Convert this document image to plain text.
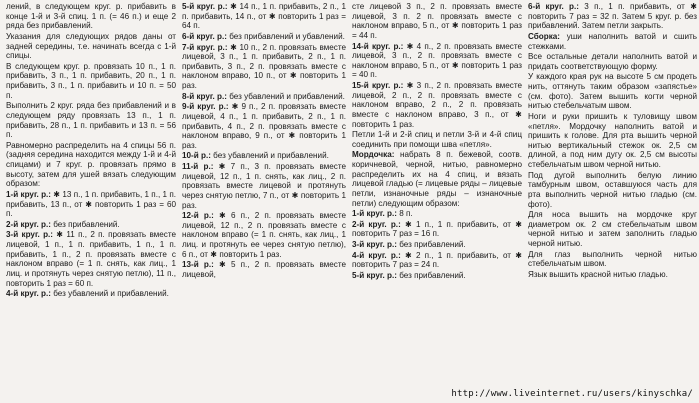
лений, в следующем круг. р. прибавить в конце 1-й и 3-й спиц. 1 п. (= 46 п.) и еще 2 ряда без прибавлений.

Указания для следующих рядов даны от задней середины, т.е. начинать всегда с 1-й спицы.

В следующем круг. р. провязать 10 п., 1 п. прибавить, 3 п., 1 п. прибавить, 20 п., 1 п. прибавить, 3 п., 1 п. прибавить и 10 п. = 50 п.

Выполнить 2 круг. ряда без прибавлений и в следующем ряду провязать 13 п., 1 п. прибавить, 28 п., 1 п. прибавить и 13 п. = 56 п.

Равномерно распределить на 4 спицы 56 п. (задняя середина находится между 1-й и 4-й спицами) и 7 круг. р. провязать прямо в высоту, затем для ушей вязать следующим образом:

1-й круг. р.: ✱ 13 п., 1 п. прибавить, 1 п., 1 п. прибавить, 13 п., от ✱ повторить 1 раз = 60 п.

2-й круг. р.: без прибавлений.

3-й круг. р.: ✱ 11 п., 2 п. провязать вместе лицевой, 1 п., 1 п. прибавить, 1 п., 1 п. прибавить, 1 п., 2 п. провязать вместе с наклоном вправо (= 1 п. снять, как лиц., 1 лиц. и протянуть через снятую петлю), 11 п., повторить 1 раз = 60 п.

4-й круг. р.: без убавлений и прибавлений.

5-й круг. р.: ✱ 14 п., 1 п. прибавить, 2 п., 1 п. прибавить, 14 п., от ✱ повторить 1 раз = 64 п.

6-й круг. р.: без прибавлений и убавлений.

7-й круг. р.: ✱ 10 п., 2 п. провязать вместе лицевой, 3 п., 1 п. прибавить, 2 п., 1 п. прибавить, 3 п., 2 п. провязать вместе с наклоном вправо, 10 п., от ✱ повторить 1 раз.

8-й круг. р.: без убавлений и прибавлений.

9-й круг. р.: ✱ 9 п., 2 п. провязать вместе лицевой, 4 п., 1 п. прибавить, 2 п., 1 п. прибавить, 4 п., 2 п. провязать вместе с наклоном вправо, 9 п., от ✱ повторить 1 раз.

10-й р.: без убавлений и прибавлений.

11-й р.: ✱ 7 п., 3 п. провязать вместе лицевой, 12 п., 1 п. снять, как лиц., 2 п. провязать вместе лицевой и протянуть через снятую петлю, 7 п., от ✱ повторить 1 раз.

12-й р.: ✱ 6 п., 2 п. провязать вместе лицевой, 12 п., 2 п. провязать вместе с наклоном вправо (= 1 п. снять, как лиц., 1 лиц. и протянуть ее через снятую петлю), 6 п., от ✱ повторить 1 раз.

13-й р.: ✱ 5 п., 2 п. провязать вместе лицевой,

сте лицевой 3 п., 2 п. провязать вместе лицевой, 3 п. 2 п. провязать вместе с наклоном вправо, 5 п., от ✱ повторить 1 раз = 44 п.

14-й круг. р.: ✱ 4 п., 2 п. провязать вместе лицевой, 3 п., 2 п. провязать вместе с наклоном вправо, 5 п., от ✱ повторить 1 раз = 40 п.

15-й круг. р.: ✱ 3 п., 2 п. провязать вместе лицевой, 2 п., 2 п. провязать вместе с наклоном вправо, 2 п., 2 п. провязать вместе с наклоном вправо, 3 п., от ✱ повторить 1 раз.

Петли 1-й и 2-й спиц и петли 3-й и 4-й спиц соединить при помощи шва «петля».

Мордочка: набрать 8 п. бежевой, соотв. коричневой, черной, нитью, равномерно распределить их на 4 спиц, и вязать лицевой гладью (= лицевые ряды – лицевые петли, изнаночные ряды – изнаночные петли) следующим образом:

1-й круг. р.: 8 п.

2-й круг. р.: ✱ 1 п., 1 п. прибавить, от ✱ повторить 7 раз = 16 п.

3-й круг. р.: без прибавлений.

4-й круг. р.: ✱ 2 п., 1 п. прибавить, от ✱ повторить 7 раз = 24 п.

5-й круг. р.: без прибавлений.

6-й круг. р.: 3 п., 1 п. прибавить, от ✱ повторить 7 раз = 32 п. Затем 5 круг. р. без прибавлений. Затем петли закрыть.

Сборка: уши наполнить ватой и сшить стежками.

Все остальные детали наполнить ватой и придать соответствующую форму.

У каждого края рук на высоте 5 см продеть нить, оттянуть таким образом «запястье» (см. фото). Затем вышить когти черной нитью стебельчатым швом.

Ноги и руки пришить к туловищу швом «петля». Мордочку наполнить ватой и пришить к голове. Для рта вышить черной нитью вертикальный стежок ок. 2,5 см длиной, а под ним дугу ок. 2,5 см высоты стебельчатым швом черной нитью.

Под дугой выполнить белую линию тамбурным швом, оставшуюся часть для рта выполнить черной нитью гладью (см. фото).

Для носа вышить на мордочке круг диаметром ок. 2 см стебельчатым швом черной нитью и затем заполнить гладью черной нитью.

Для глаз выполнить черной нитью стебельчатым швом.

Язык вышить красной нитью гладью.

http://www.liveinternet.ru/users/kinyschka/
